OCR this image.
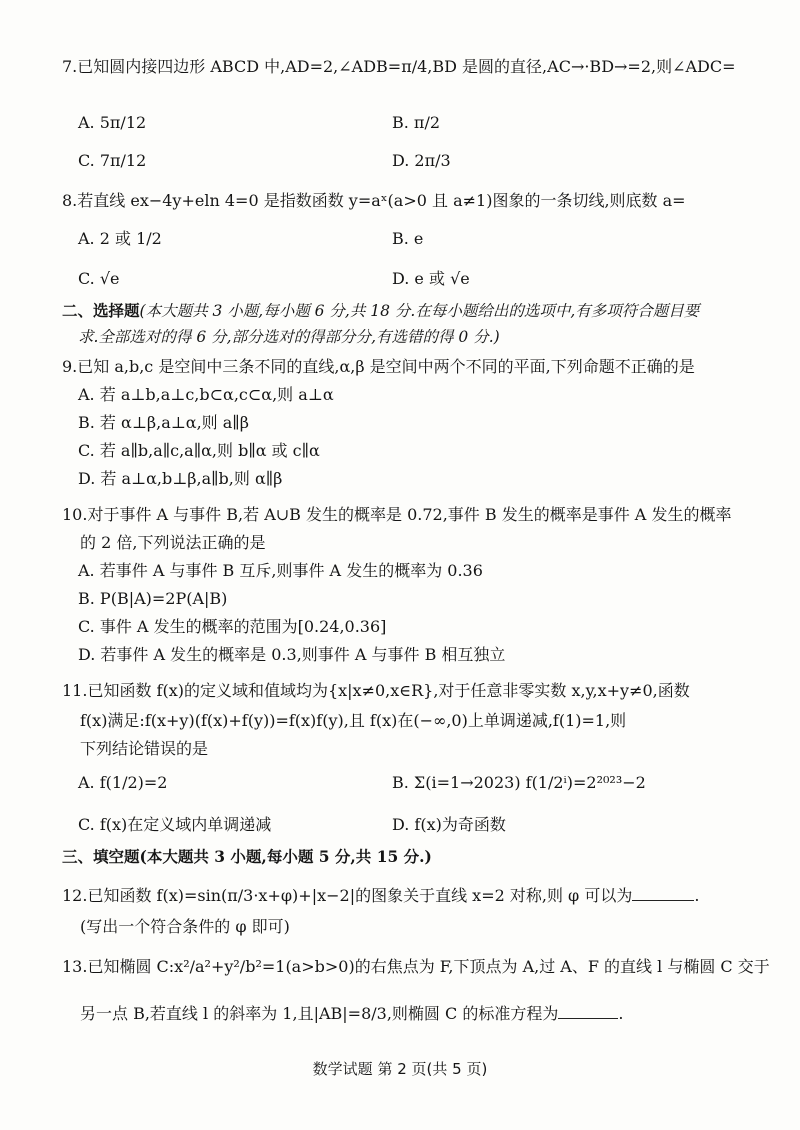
7.已知圆内接四边形 ABCD 中,AD=2,∠ADB=π/4,BD 是圆的直径,AC→·BD→=2,则∠ADC=
A. 5π/12	B. π/2
C. 7π/12	D. 2π/3
8.若直线 ex−4y+eln 4=0 是指数函数 y=aˣ(a>0 且 a≠1)图象的一条切线,则底数 a=
A. 2 或 1/2	B. e
C. √e	D. e 或 √e
二、选择题(本大题共 3 小题,每小题 6 分,共 18 分.在每小题给出的选项中,有多项符合题目要
求.全部选对的得 6 分,部分选对的得部分分,有选错的得 0 分.)
9.已知 a,b,c 是空间中三条不同的直线,α,β 是空间中两个不同的平面,下列命题不正确的是
A. 若 a⊥b,a⊥c,b⊂α,c⊂α,则 a⊥α
B. 若 α⊥β,a⊥α,则 a∥β
C. 若 a∥b,a∥c,a∥α,则 b∥α 或 c∥α
D. 若 a⊥α,b⊥β,a∥b,则 α∥β
10.对于事件 A 与事件 B,若 A∪B 发生的概率是 0.72,事件 B 发生的概率是事件 A 发生的概率
的 2 倍,下列说法正确的是
A. 若事件 A 与事件 B 互斥,则事件 A 发生的概率为 0.36
B. P(B|A)=2P(A|B)
C. 事件 A 发生的概率的范围为[0.24,0.36]
D. 若事件 A 发生的概率是 0.3,则事件 A 与事件 B 相互独立
11.已知函数 f(x)的定义域和值域均为{x|x≠0,x∈R},对于任意非零实数 x,y,x+y≠0,函数
f(x)满足:f(x+y)(f(x)+f(y))=f(x)f(y),且 f(x)在(−∞,0)上单调递减,f(1)=1,则
下列结论错误的是
A. f(1/2)=2	B. Σ(i=1→2023) f(1/2ⁱ)=2²⁰²³−2
C. f(x)在定义域内单调递减	D. f(x)为奇函数
三、填空题(本大题共 3 小题,每小题 5 分,共 15 分.)
12.已知函数 f(x)=sin(π/3·x+φ)+|x−2|的图象关于直线 x=2 对称,则 φ 可以为	.
(写出一个符合条件的 φ 即可)
13.已知椭圆 C:x²/a²+y²/b²=1(a>b>0)的右焦点为 F,下顶点为 A,过 A、F 的直线 l 与椭圆 C 交于
另一点 B,若直线 l 的斜率为 1,且|AB|=8/3,则椭圆 C 的标准方程为	.
数学试题 第 2 页(共 5 页)
